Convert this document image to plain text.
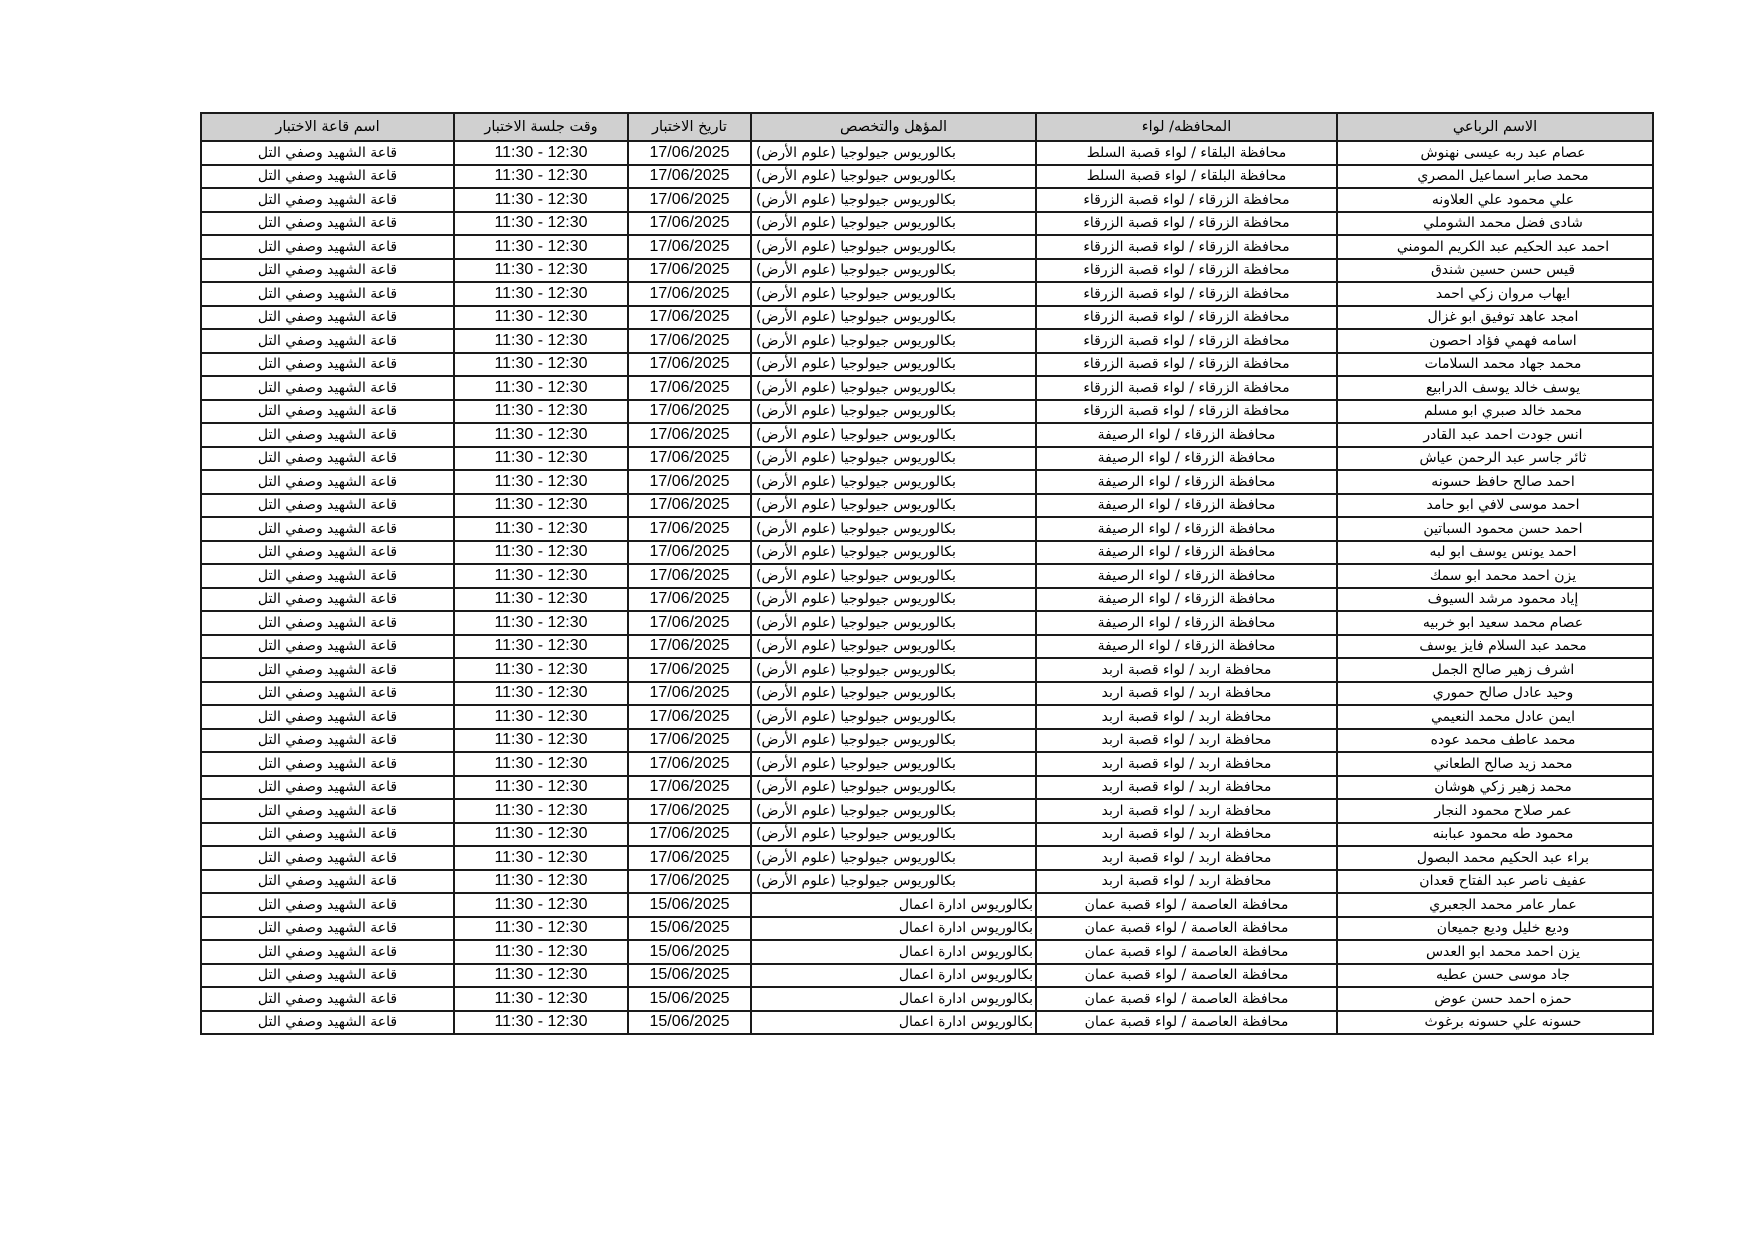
الاسم الرباعي	المحافظه/ لواء	المؤهل والتخصص	تاريخ الاختبار	وقت جلسة الاختبار	اسم قاعة الاختبار
عصام عبد ربه عيسى نهنوش	محافظة البلقاء / لواء قصبة السلط	بكالوريوس جيولوجيا (علوم الأرض)	17/06/2025	11:30 - 12:30	قاعة الشهيد وصفي التل
محمد صابر اسماعيل المصري	محافظة البلقاء / لواء قصبة السلط	بكالوريوس جيولوجيا (علوم الأرض)	17/06/2025	11:30 - 12:30	قاعة الشهيد وصفي التل
علي محمود علي العلاونه	محافظة الزرقاء / لواء قصبة الزرقاء	بكالوريوس جيولوجيا (علوم الأرض)	17/06/2025	11:30 - 12:30	قاعة الشهيد وصفي التل
شادى فضل محمد الشوملي	محافظة الزرقاء / لواء قصبة الزرقاء	بكالوريوس جيولوجيا (علوم الأرض)	17/06/2025	11:30 - 12:30	قاعة الشهيد وصفي التل
احمد عبد الحكيم عبد الكريم المومني	محافظة الزرقاء / لواء قصبة الزرقاء	بكالوريوس جيولوجيا (علوم الأرض)	17/06/2025	11:30 - 12:30	قاعة الشهيد وصفي التل
قيس حسن حسين شندق	محافظة الزرقاء / لواء قصبة الزرقاء	بكالوريوس جيولوجيا (علوم الأرض)	17/06/2025	11:30 - 12:30	قاعة الشهيد وصفي التل
ايهاب مروان زكي احمد	محافظة الزرقاء / لواء قصبة الزرقاء	بكالوريوس جيولوجيا (علوم الأرض)	17/06/2025	11:30 - 12:30	قاعة الشهيد وصفي التل
امجد عاهد توفيق ابو غزال	محافظة الزرقاء / لواء قصبة الزرقاء	بكالوريوس جيولوجيا (علوم الأرض)	17/06/2025	11:30 - 12:30	قاعة الشهيد وصفي التل
اسامه فهمي فؤاد احصون	محافظة الزرقاء / لواء قصبة الزرقاء	بكالوريوس جيولوجيا (علوم الأرض)	17/06/2025	11:30 - 12:30	قاعة الشهيد وصفي التل
محمد جهاد محمد السلامات	محافظة الزرقاء / لواء قصبة الزرقاء	بكالوريوس جيولوجيا (علوم الأرض)	17/06/2025	11:30 - 12:30	قاعة الشهيد وصفي التل
يوسف خالد يوسف الدرابيع	محافظة الزرقاء / لواء قصبة الزرقاء	بكالوريوس جيولوجيا (علوم الأرض)	17/06/2025	11:30 - 12:30	قاعة الشهيد وصفي التل
محمد خالد صبري ابو مسلم	محافظة الزرقاء / لواء قصبة الزرقاء	بكالوريوس جيولوجيا (علوم الأرض)	17/06/2025	11:30 - 12:30	قاعة الشهيد وصفي التل
انس جودت احمد عبد القادر	محافظة الزرقاء / لواء الرصيفة	بكالوريوس جيولوجيا (علوم الأرض)	17/06/2025	11:30 - 12:30	قاعة الشهيد وصفي التل
ثائر جاسر عبد الرحمن عياش	محافظة الزرقاء / لواء الرصيفة	بكالوريوس جيولوجيا (علوم الأرض)	17/06/2025	11:30 - 12:30	قاعة الشهيد وصفي التل
احمد صالح حافظ حسونه	محافظة الزرقاء / لواء الرصيفة	بكالوريوس جيولوجيا (علوم الأرض)	17/06/2025	11:30 - 12:30	قاعة الشهيد وصفي التل
احمد موسى لافي ابو حامد	محافظة الزرقاء / لواء الرصيفة	بكالوريوس جيولوجيا (علوم الأرض)	17/06/2025	11:30 - 12:30	قاعة الشهيد وصفي التل
احمد حسن محمود السباتين	محافظة الزرقاء / لواء الرصيفة	بكالوريوس جيولوجيا (علوم الأرض)	17/06/2025	11:30 - 12:30	قاعة الشهيد وصفي التل
احمد يونس يوسف ابو لبه	محافظة الزرقاء / لواء الرصيفة	بكالوريوس جيولوجيا (علوم الأرض)	17/06/2025	11:30 - 12:30	قاعة الشهيد وصفي التل
يزن احمد محمد ابو سمك	محافظة الزرقاء / لواء الرصيفة	بكالوريوس جيولوجيا (علوم الأرض)	17/06/2025	11:30 - 12:30	قاعة الشهيد وصفي التل
إياد محمود مرشد السيوف	محافظة الزرقاء / لواء الرصيفة	بكالوريوس جيولوجيا (علوم الأرض)	17/06/2025	11:30 - 12:30	قاعة الشهيد وصفي التل
عصام محمد سعيد ابو خربيه	محافظة الزرقاء / لواء الرصيفة	بكالوريوس جيولوجيا (علوم الأرض)	17/06/2025	11:30 - 12:30	قاعة الشهيد وصفي التل
محمد عبد السلام فايز يوسف	محافظة الزرقاء / لواء الرصيفة	بكالوريوس جيولوجيا (علوم الأرض)	17/06/2025	11:30 - 12:30	قاعة الشهيد وصفي التل
اشرف زهير صالح الجمل	محافظة اربد / لواء قصبة اربد	بكالوريوس جيولوجيا (علوم الأرض)	17/06/2025	11:30 - 12:30	قاعة الشهيد وصفي التل
وحيد عادل صالح حموري	محافظة اربد / لواء قصبة اربد	بكالوريوس جيولوجيا (علوم الأرض)	17/06/2025	11:30 - 12:30	قاعة الشهيد وصفي التل
ايمن عادل محمد النعيمي	محافظة اربد / لواء قصبة اربد	بكالوريوس جيولوجيا (علوم الأرض)	17/06/2025	11:30 - 12:30	قاعة الشهيد وصفي التل
محمد عاطف محمد عوده	محافظة اربد / لواء قصبة اربد	بكالوريوس جيولوجيا (علوم الأرض)	17/06/2025	11:30 - 12:30	قاعة الشهيد وصفي التل
محمد زيد صالح الطعاني	محافظة اربد / لواء قصبة اربد	بكالوريوس جيولوجيا (علوم الأرض)	17/06/2025	11:30 - 12:30	قاعة الشهيد وصفي التل
محمد زهير زكي هوشان	محافظة اربد / لواء قصبة اربد	بكالوريوس جيولوجيا (علوم الأرض)	17/06/2025	11:30 - 12:30	قاعة الشهيد وصفي التل
عمر صلاح محمود النجار	محافظة اربد / لواء قصبة اربد	بكالوريوس جيولوجيا (علوم الأرض)	17/06/2025	11:30 - 12:30	قاعة الشهيد وصفي التل
محمود طه محمود عبابنه	محافظة اربد / لواء قصبة اربد	بكالوريوس جيولوجيا (علوم الأرض)	17/06/2025	11:30 - 12:30	قاعة الشهيد وصفي التل
براء عبد الحكيم محمد البصول	محافظة اربد / لواء قصبة اربد	بكالوريوس جيولوجيا (علوم الأرض)	17/06/2025	11:30 - 12:30	قاعة الشهيد وصفي التل
عفيف ناصر عبد الفتاح قعدان	محافظة اربد / لواء قصبة اربد	بكالوريوس جيولوجيا (علوم الأرض)	17/06/2025	11:30 - 12:30	قاعة الشهيد وصفي التل
عمار عامر محمد الجعبري	محافظة العاصمة / لواء قصبة عمان	بكالوريوس ادارة اعمال	15/06/2025	11:30 - 12:30	قاعة الشهيد وصفي التل
وديع خليل وديع جميعان	محافظة العاصمة / لواء قصبة عمان	بكالوريوس ادارة اعمال	15/06/2025	11:30 - 12:30	قاعة الشهيد وصفي التل
يزن احمد محمد ابو العدس	محافظة العاصمة / لواء قصبة عمان	بكالوريوس ادارة اعمال	15/06/2025	11:30 - 12:30	قاعة الشهيد وصفي التل
جاد موسى حسن عطيه	محافظة العاصمة / لواء قصبة عمان	بكالوريوس ادارة اعمال	15/06/2025	11:30 - 12:30	قاعة الشهيد وصفي التل
حمزه احمد حسن عوض	محافظة العاصمة / لواء قصبة عمان	بكالوريوس ادارة اعمال	15/06/2025	11:30 - 12:30	قاعة الشهيد وصفي التل
حسونه علي حسونه برغوث	محافظة العاصمة / لواء قصبة عمان	بكالوريوس ادارة اعمال	15/06/2025	11:30 - 12:30	قاعة الشهيد وصفي التل
